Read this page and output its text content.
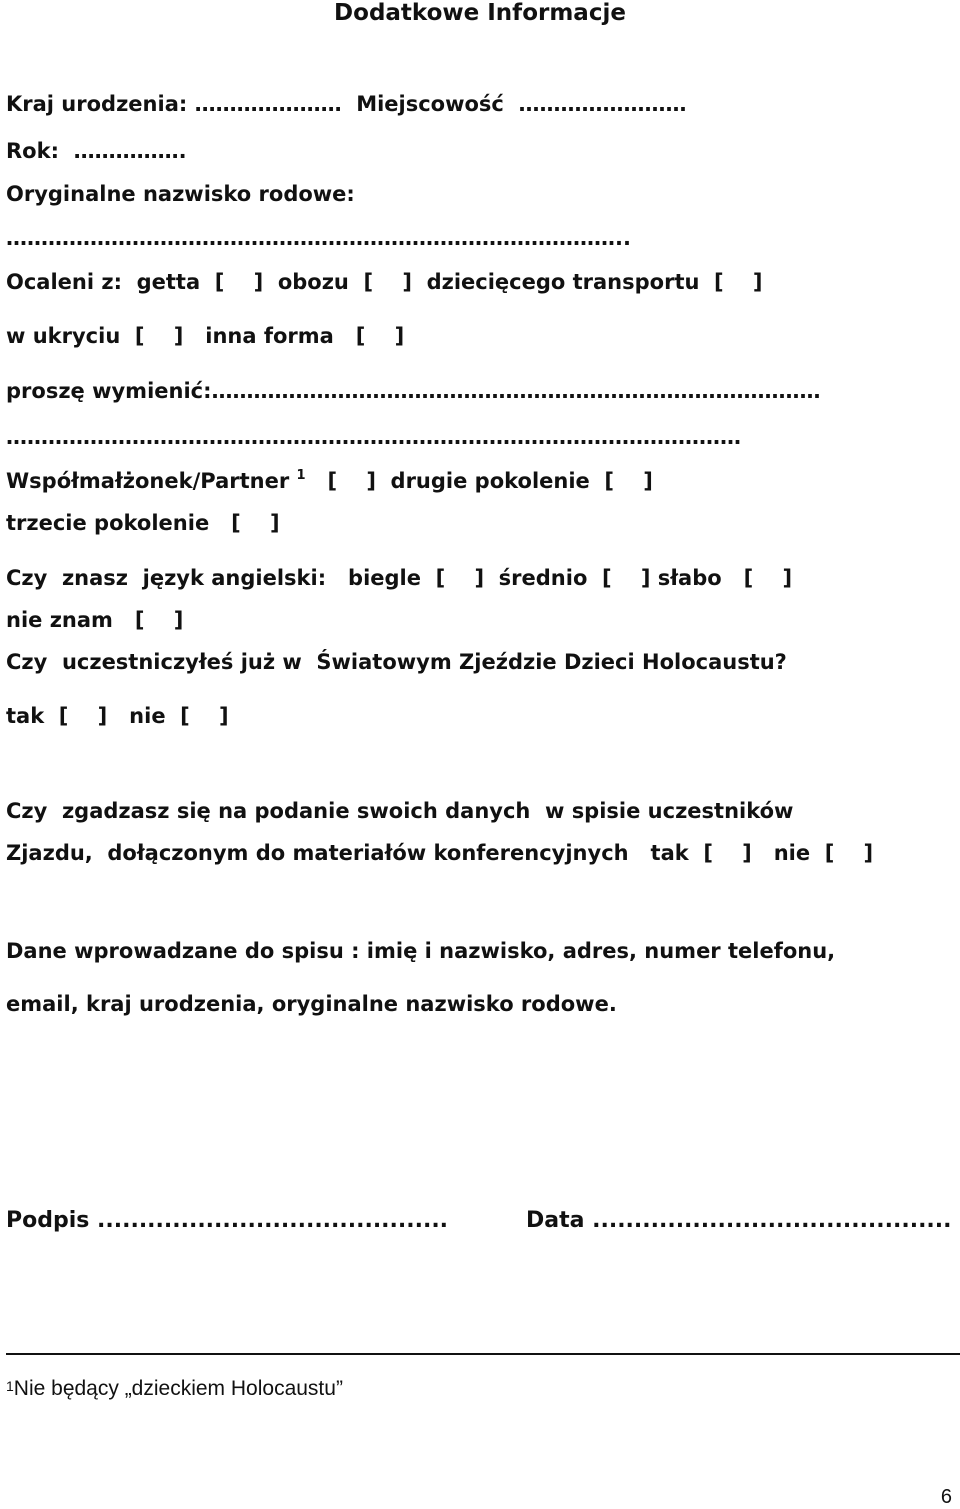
Dodatkowe Informacje
Kraj urodzenia: …………………  Miejscowość  ……………………
Rok:  …………….
Oryginalne nazwisko rodowe:
……………………………………………………………………………..
Ocaleni z:  getta  [    ]  obozu  [    ]  dziecięcego transportu  [    ]
w ukryciu  [    ]   inna forma   [    ]
proszę wymienić:……………………………………………………………………………
……………………………………………………………………………………………
Współmałżonek/Partner $^1$   [    ]  drugie pokolenie  [    ]
trzecie pokolenie   [    ]
Czy  znasz  język angielski:   biegle  [    ]  średnio  [    ] słabo   [    ]
nie znam   [    ]
Czy  uczestniczyłeś już w  Światowym Zjeździe Dzieci Holocaustu?
tak  [    ]   nie  [    ]
Czy  zgadzasz się na podanie swoich danych  w spisie uczestników
Zjazdu,  dołączonym do materiałów konferencyjnych   tak  [    ]   nie  [    ]
Dane wprowadzane do spisu : imię i nazwisko, adres, numer telefonu,
email, kraj urodzenia, oryginalne nazwisko rodowe.
Podpis ..........................................	Data ...........................................
$^1$Nie będący „dzieckiem Holocaustu”
6
